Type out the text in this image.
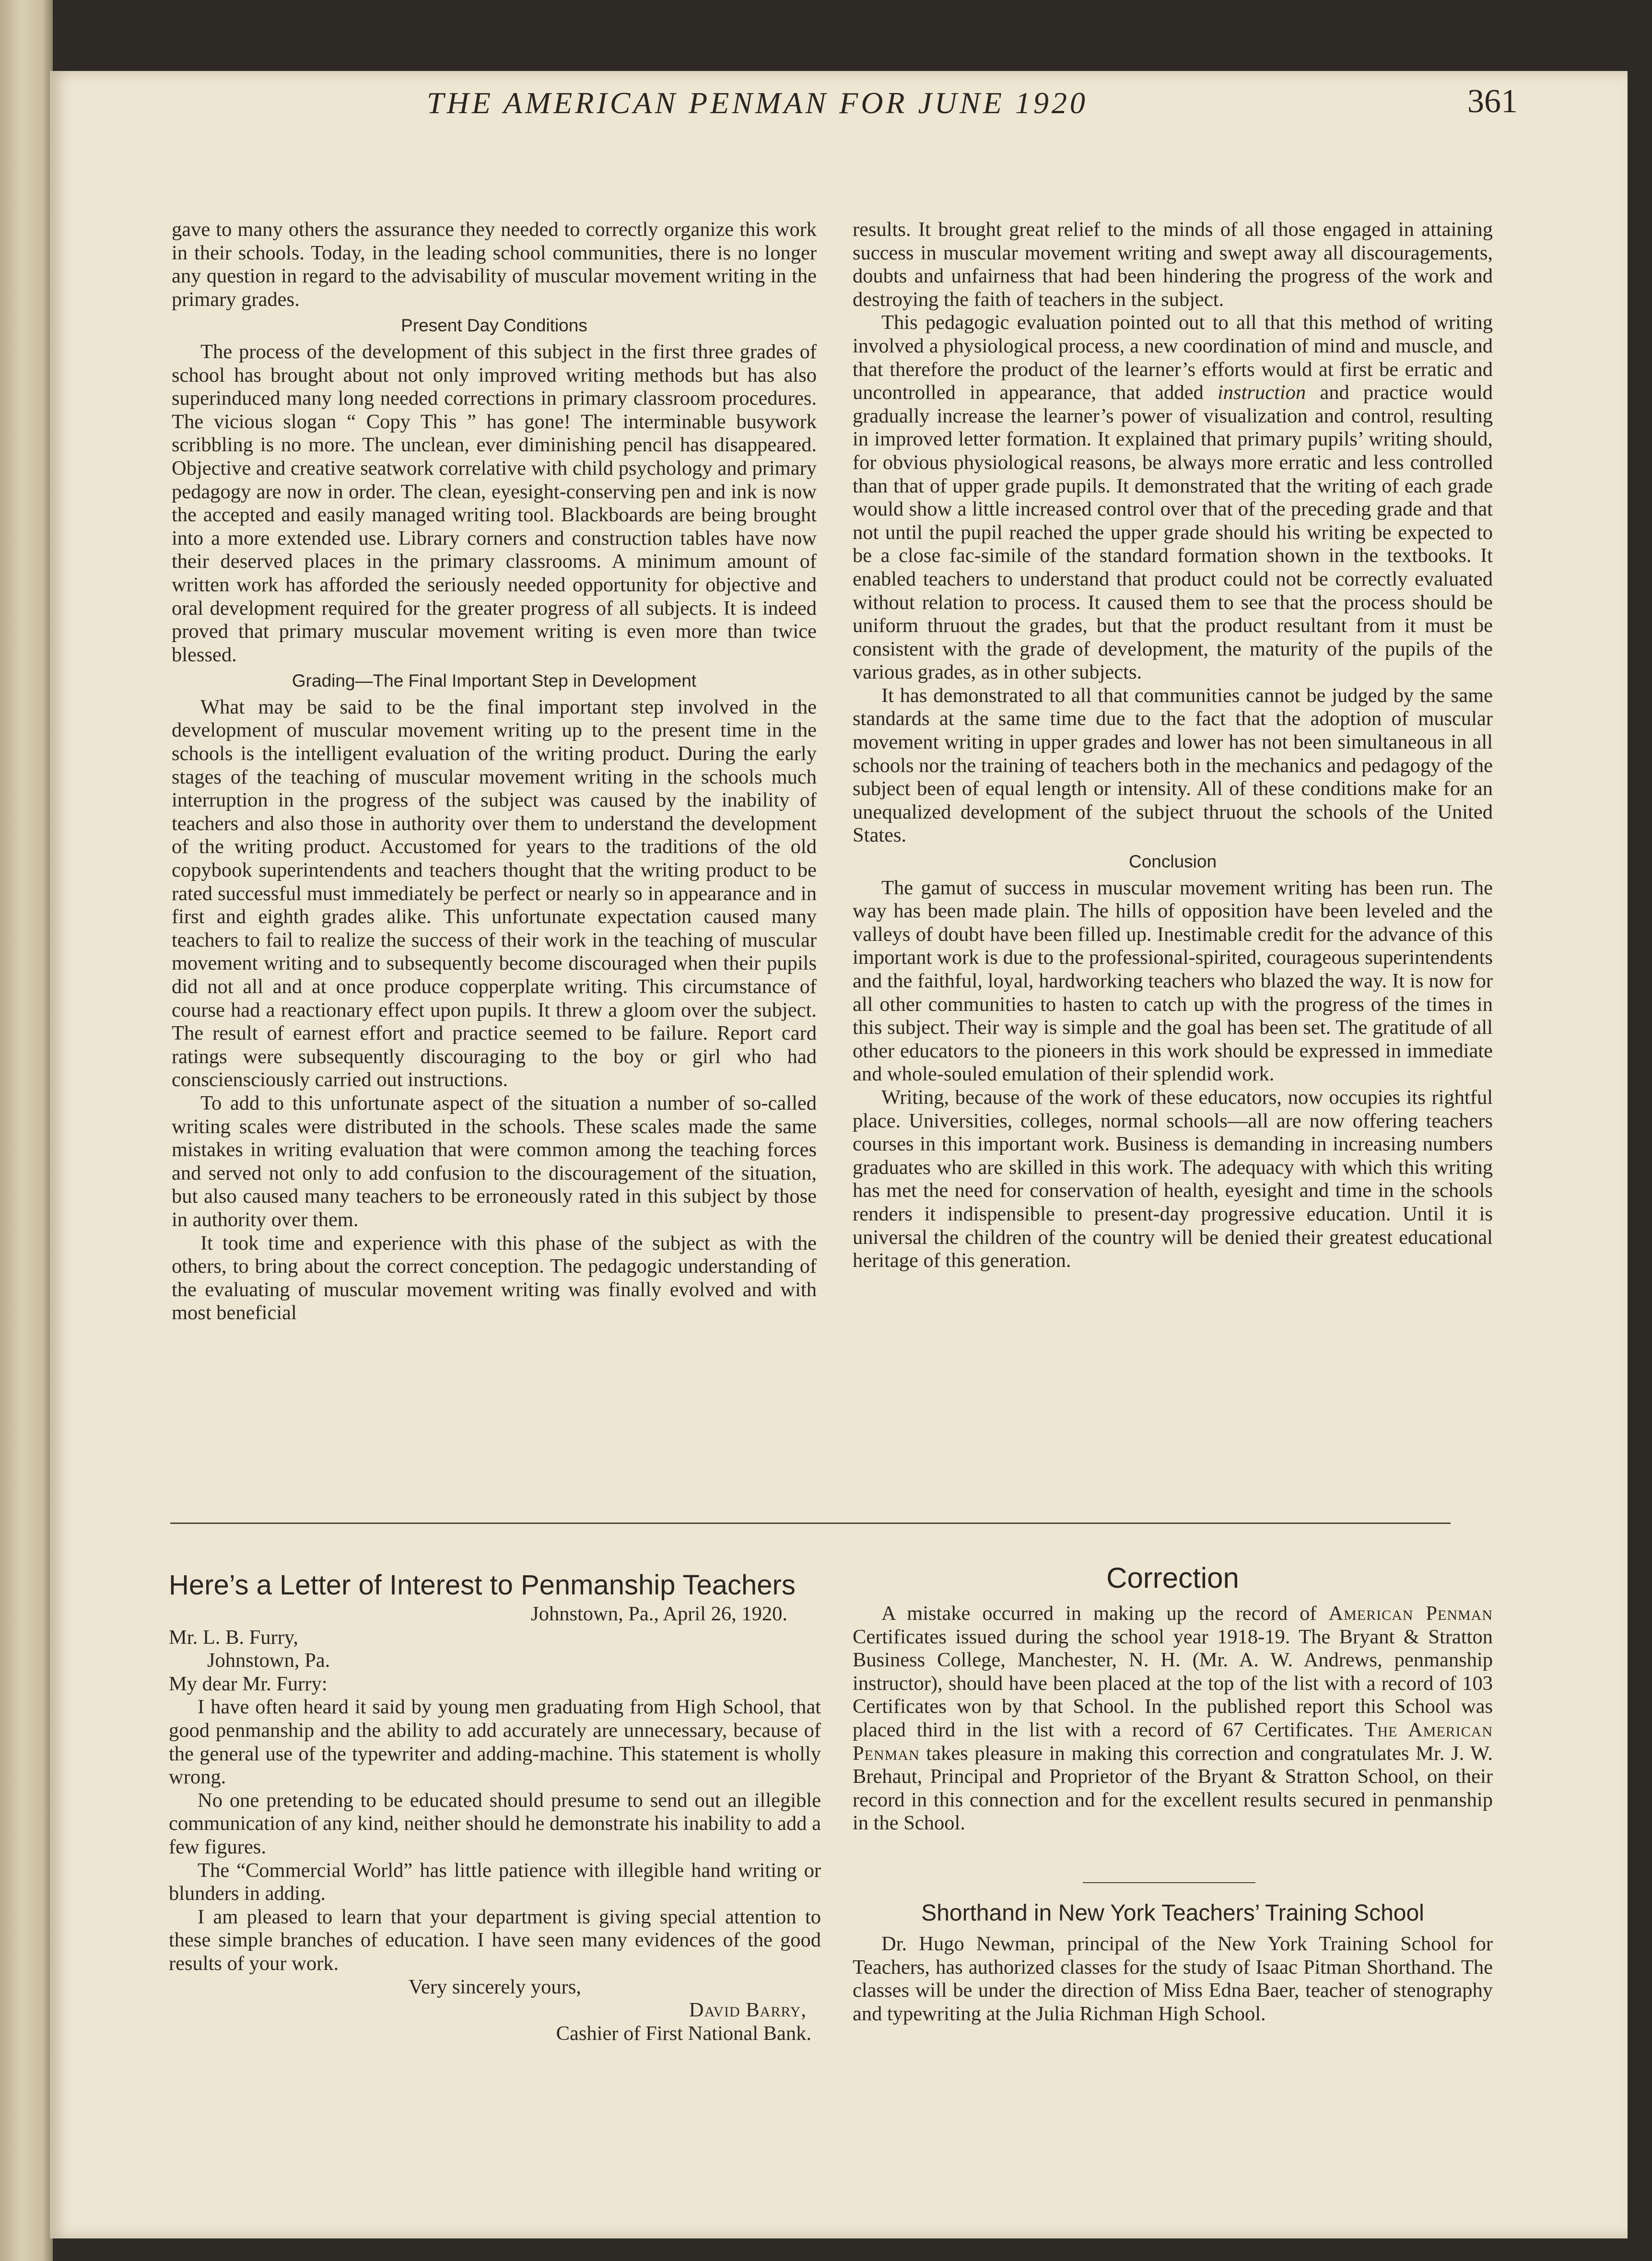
THE AMERICAN PENMAN FOR JUNE 1920	361

gave to many others the assurance they needed to correctly organize this work in their schools. Today, in the leading school communities, there is no longer any question in regard to the advisability of muscular movement writing in the primary grades.

Present Day Conditions

The process of the development of this subject in the first three grades of school has brought about not only improved writing methods but has also superinduced many long needed corrections in primary classroom procedures. The vicious slogan “ Copy This ” has gone! The interminable busywork scribbling is no more. The unclean, ever diminishing pencil has disappeared. Objective and creative seatwork correlative with child psychology and primary pedagogy are now in order. The clean, eyesight-conserving pen and ink is now the accepted and easily managed writing tool. Blackboards are being brought into a more extended use. Library corners and construction tables have now their deserved places in the primary classrooms. A minimum amount of written work has afforded the seriously needed opportunity for objective and oral development required for the greater progress of all subjects. It is indeed proved that primary muscular movement writing is even more than twice blessed.

Grading—The Final Important Step in Development

What may be said to be the final important step involved in the development of muscular movement writing up to the present time in the schools is the intelligent evaluation of the writing product. During the early stages of the teaching of muscular movement writing in the schools much interruption in the progress of the subject was caused by the inability of teachers and also those in authority over them to understand the development of the writing product. Accustomed for years to the traditions of the old copybook superintendents and teachers thought that the writing product to be rated successful must immediately be perfect or nearly so in appearance and in first and eighth grades alike. This unfortunate expectation caused many teachers to fail to realize the success of their work in the teaching of muscular movement writing and to subsequently become discouraged when their pupils did not all and at once produce copperplate writing. This circumstance of course had a reactionary effect upon pupils. It threw a gloom over the subject. The result of earnest effort and practice seemed to be failure. Report card ratings were subsequently discouraging to the boy or girl who had consciensciously carried out instructions.

To add to this unfortunate aspect of the situation a number of so-called writing scales were distributed in the schools. These scales made the same mistakes in writing evaluation that were common among the teaching forces and served not only to add confusion to the discouragement of the situation, but also caused many teachers to be erroneously rated in this subject by those in authority over them.

It took time and experience with this phase of the subject as with the others, to bring about the correct conception. The pedagogic understanding of the evaluating of muscular movement writing was finally evolved and with most beneficial

results. It brought great relief to the minds of all those engaged in attaining success in muscular movement writing and swept away all discouragements, doubts and unfairness that had been hindering the progress of the work and destroying the faith of teachers in the subject.

This pedagogic evaluation pointed out to all that this method of writing involved a physiological process, a new coordination of mind and muscle, and that therefore the product of the learner’s efforts would at first be erratic and uncontrolled in appearance, that added instruction and practice would gradually increase the learner’s power of visualization and control, resulting in improved letter formation. It explained that primary pupils’ writing should, for obvious physiological reasons, be always more erratic and less controlled than that of upper grade pupils. It demonstrated that the writing of each grade would show a little increased control over that of the preceding grade and that not until the pupil reached the upper grade should his writing be expected to be a close fac-simile of the standard formation shown in the textbooks. It enabled teachers to understand that product could not be correctly evaluated without relation to process. It caused them to see that the process should be uniform thruout the grades, but that the product resultant from it must be consistent with the grade of development, the maturity of the pupils of the various grades, as in other subjects.

It has demonstrated to all that communities cannot be judged by the same standards at the same time due to the fact that the adoption of muscular movement writing in upper grades and lower has not been simultaneous in all schools nor the training of teachers both in the mechanics and pedagogy of the subject been of equal length or intensity. All of these conditions make for an unequalized development of the subject thruout the schools of the United States.

Conclusion

The gamut of success in muscular movement writing has been run. The way has been made plain. The hills of opposition have been leveled and the valleys of doubt have been filled up. Inestimable credit for the advance of this important work is due to the professional-spirited, courageous superintendents and the faithful, loyal, hardworking teachers who blazed the way. It is now for all other communities to hasten to catch up with the progress of the times in this subject. Their way is simple and the goal has been set. The gratitude of all other educators to the pioneers in this work should be expressed in immediate and whole-souled emulation of their splendid work.

Writing, because of the work of these educators, now occupies its rightful place. Universities, colleges, normal schools—all are now offering teachers courses in this important work. Business is demanding in increasing numbers graduates who are skilled in this work. The adequacy with which this writing has met the need for conservation of health, eyesight and time in the schools renders it indispensible to present-day progressive education. Until it is universal the children of the country will be denied their greatest educational heritage of this generation.

Here’s a Letter of Interest to Penmanship Teachers
Johnstown, Pa., April 26, 1920.
Mr. L. B. Furry,
Johnstown, Pa.
My dear Mr. Furry:

I have often heard it said by young men graduating from High School, that good penmanship and the ability to add accurately are unnecessary, because of the general use of the typewriter and adding-machine. This statement is wholly wrong.

No one pretending to be educated should presume to send out an illegible communication of any kind, neither should he demonstrate his inability to add a few figures.

The “Commercial World” has little patience with illegible hand writing or blunders in adding.

I am pleased to learn that your department is giving special attention to these simple branches of education. I have seen many evidences of the good results of your work.

Very sincerely yours,
David Barry,
Cashier of First National Bank.
Correction

A mistake occurred in making up the record of American Penman Certificates issued during the school year 1918-19. The Bryant & Stratton Business College, Manchester, N. H. (Mr. A. W. Andrews, penmanship instructor), should have been placed at the top of the list with a record of 103 Certificates won by that School. In the published report this School was placed third in the list with a record of 67 Certificates. The American Penman takes pleasure in making this correction and congratulates Mr. J. W. Brehaut, Principal and Proprietor of the Bryant & Stratton School, on their record in this connection and for the excellent results secured in penmanship in the School.

Shorthand in New York Teachers’ Training School

Dr. Hugo Newman, principal of the New York Training School for Teachers, has authorized classes for the study of Isaac Pitman Shorthand. The classes will be under the direction of Miss Edna Baer, teacher of stenography and typewriting at the Julia Richman High School.
